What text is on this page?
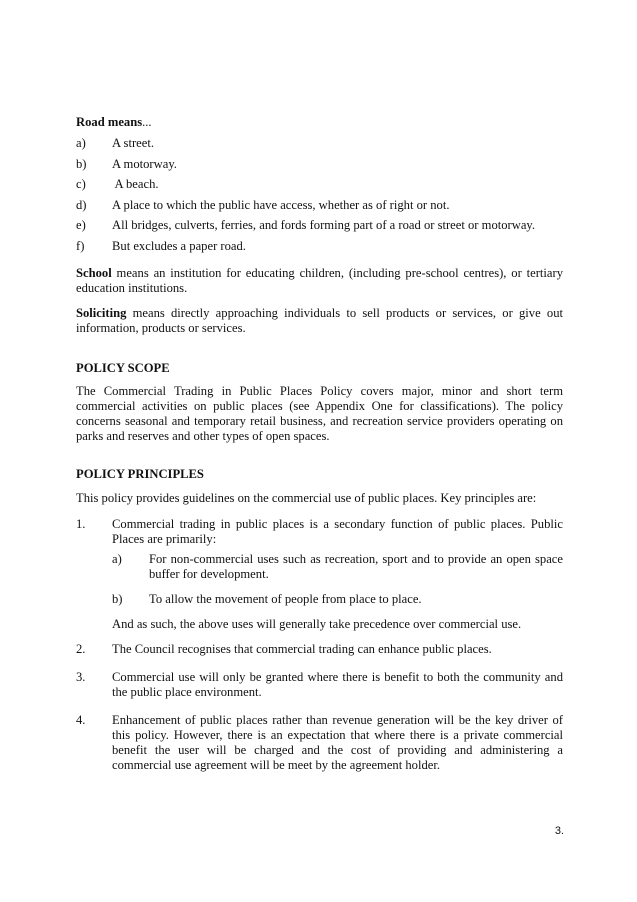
Road means...
a) A street.
b) A motorway.
c) A beach.
d) A place to which the public have access, whether as of right or not.
e) All bridges, culverts, ferries, and fords forming part of a road or street or motorway.
f) But excludes a paper road.
School means an institution for educating children, (including pre-school centres), or tertiary education institutions.
Soliciting means directly approaching individuals to sell products or services, or give out information, products or services.
POLICY SCOPE
The Commercial Trading in Public Places Policy covers major, minor and short term commercial activities on public places (see Appendix One for classifications). The policy concerns seasonal and temporary retail business, and recreation service providers operating on parks and reserves and other types of open spaces.
POLICY PRINCIPLES
This policy provides guidelines on the commercial use of public places. Key principles are:
1. Commercial trading in public places is a secondary function of public places. Public Places are primarily:
a) For non-commercial uses such as recreation, sport and to provide an open space buffer for development.
b) To allow the movement of people from place to place.
And as such, the above uses will generally take precedence over commercial use.
2. The Council recognises that commercial trading can enhance public places.
3. Commercial use will only be granted where there is benefit to both the community and the public place environment.
4. Enhancement of public places rather than revenue generation will be the key driver of this policy. However, there is an expectation that where there is a private commercial benefit the user will be charged and the cost of providing and administering a commercial use agreement will be meet by the agreement holder.
3.
